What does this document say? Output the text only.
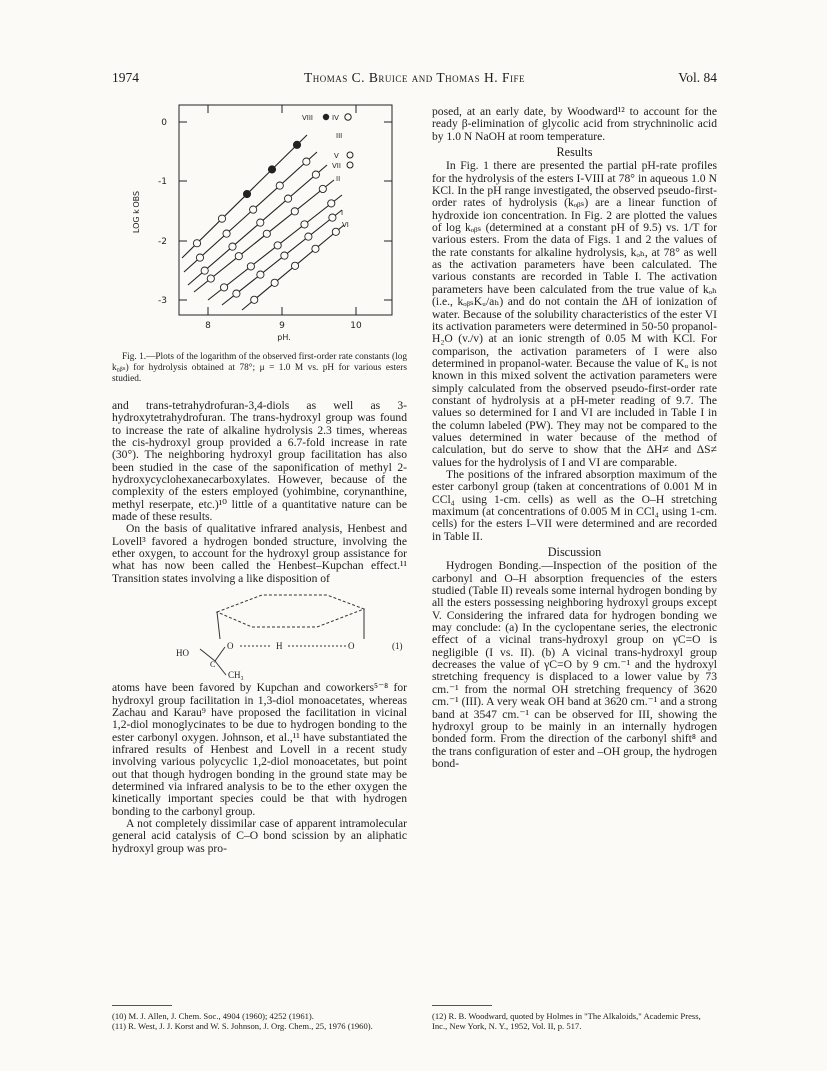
1974	Thomas C. Bruice and Thomas H. Fife	Vol. 84
0
-1
-2
-3
8	9	10
pH.
LOG k OBS
VIII	IV
III
V
VII
II
I
VI

Fig. 1.—Plots of the logarithm of the observed first-order rate constants (log k₀ᵦₛ) for hydrolysis obtained at 78°; μ = 1.0 M vs. pH for various esters studied.

and trans-tetrahydrofuran-3,4-diols as well as 3-hydroxytetrahydrofuran. The trans-hydroxyl group was found to increase the rate of alkaline hydrolysis 2.3 times, whereas the cis-hydroxyl group provided a 6.7-fold increase in rate (30°). The neighboring hydroxyl group facilitation has also been studied in the case of the saponification of methyl 2-hydroxycyclohexanecarboxylates. However, because of the complexity of the esters employed (yohimbine, corynanthine, methyl reserpate, etc.)¹⁰ little of a quantitative nature can be made of these results.

On the basis of qualitative infrared analysis, Henbest and Lovell³ favored a hydrogen bonded structure, involving the ether oxygen, to account for the hydroxyl group assistance for what has now been called the Henbest–Kupchan effect.¹¹ Transition states involving a like disposition of

HO
C
O	H	O
CH₃
(1)

atoms have been favored by Kupchan and coworkers⁵⁻⁸ for hydroxyl group facilitation in 1,3-diol monoacetates, whereas Zachau and Karau⁹ have proposed the facilitation in vicinal 1,2-diol monoglycinates to be due to hydrogen bonding to the ester carbonyl oxygen. Johnson, et al.,¹¹ have substantiated the infrared results of Henbest and Lovell in a recent study involving various polycyclic 1,2-diol monoacetates, but point out that though hydrogen bonding in the ground state may be determined via infrared analysis to be to the ether oxygen the kinetically important species could be that with hydrogen bonding to the carbonyl group.

A not completely dissimilar case of apparent intramolecular general acid catalysis of C–O bond scission by an aliphatic hydroxyl group was pro-

posed, at an early date, by Woodward¹² to account for the ready β-elimination of glycolic acid from strychninolic acid by 1.0 N NaOH at room temperature.

Results

In Fig. 1 there are presented the partial pH-rate profiles for the hydrolysis of the esters I-VIII at 78° in aqueous 1.0 N KCl. In the pH range investigated, the observed pseudo-first-order rates of hydrolysis (kₒᵦₛ) are a linear function of hydroxide ion concentration. In Fig. 2 are plotted the values of log kₒᵦₛ (determined at a constant pH of 9.5) vs. 1/T for various esters. From the data of Figs. 1 and 2 the values of the rate constants for alkaline hydrolysis, kₒₕ, at 78° as well as the activation parameters have been calculated. The various constants are recorded in Table I. The activation parameters have been calculated from the true value of kₒₕ (i.e., kₒᵦₛKᵤ/aₕ) and do not contain the ΔH of ionization of water. Because of the solubility characteristics of the ester VI its activation parameters were determined in 50-50 propanol-H₂O (v./v) at an ionic strength of 0.05 M with KCl. For comparison, the activation parameters of I were also determined in propanol-water. Because the value of Kᵤ is not known in this mixed solvent the activation parameters were simply calculated from the observed pseudo-first-order rate constant of hydrolysis at a pH-meter reading of 9.7. The values so determined for I and VI are included in Table I in the column labeled (PW). They may not be compared to the values determined in water because of the method of calculation, but do serve to show that the ΔH≠ and ΔS≠ values for the hydrolysis of I and VI are comparable.

The positions of the infrared absorption maximum of the ester carbonyl group (taken at concentrations of 0.001 M in CCl₄ using 1-cm. cells) as well as the O–H stretching maximum (at concentrations of 0.005 M in CCl₄ using 1-cm. cells) for the esters I–VII were determined and are recorded in Table II.

Discussion

Hydrogen Bonding.—Inspection of the position of the carbonyl and O–H absorption frequencies of the esters studied (Table II) reveals some internal hydrogen bonding by all the esters possessing neighboring hydroxyl groups except V. Considering the infrared data for hydrogen bonding we may conclude: (a) In the cyclopentane series, the electronic effect of a vicinal trans-hydroxyl group on γC=O is negligible (I vs. II). (b) A vicinal trans-hydroxyl group decreases the value of γC=O by 9 cm.⁻¹ and the hydroxyl stretching frequency is displaced to a lower value by 73 cm.⁻¹ from the normal OH stretching frequency of 3620 cm.⁻¹ (III). A very weak OH band at 3620 cm.⁻¹ and a strong band at 3547 cm.⁻¹ can be observed for III, showing the hydroxyl group to be mainly in an internally hydrogen bonded form. From the direction of the carbonyl shift⁸ and the trans configuration of ester and –OH group, the hydrogen bond-

(10) M. J. Allen, J. Chem. Soc., 4904 (1960); 4252 (1961).

(11) R. West, J. J. Korst and W. S. Johnson, J. Org. Chem., 25, 1976 (1960).

(12) R. B. Woodward, quoted by Holmes in "The Alkaloids," Academic Press, Inc., New York, N. Y., 1952, Vol. II, p. 517.
